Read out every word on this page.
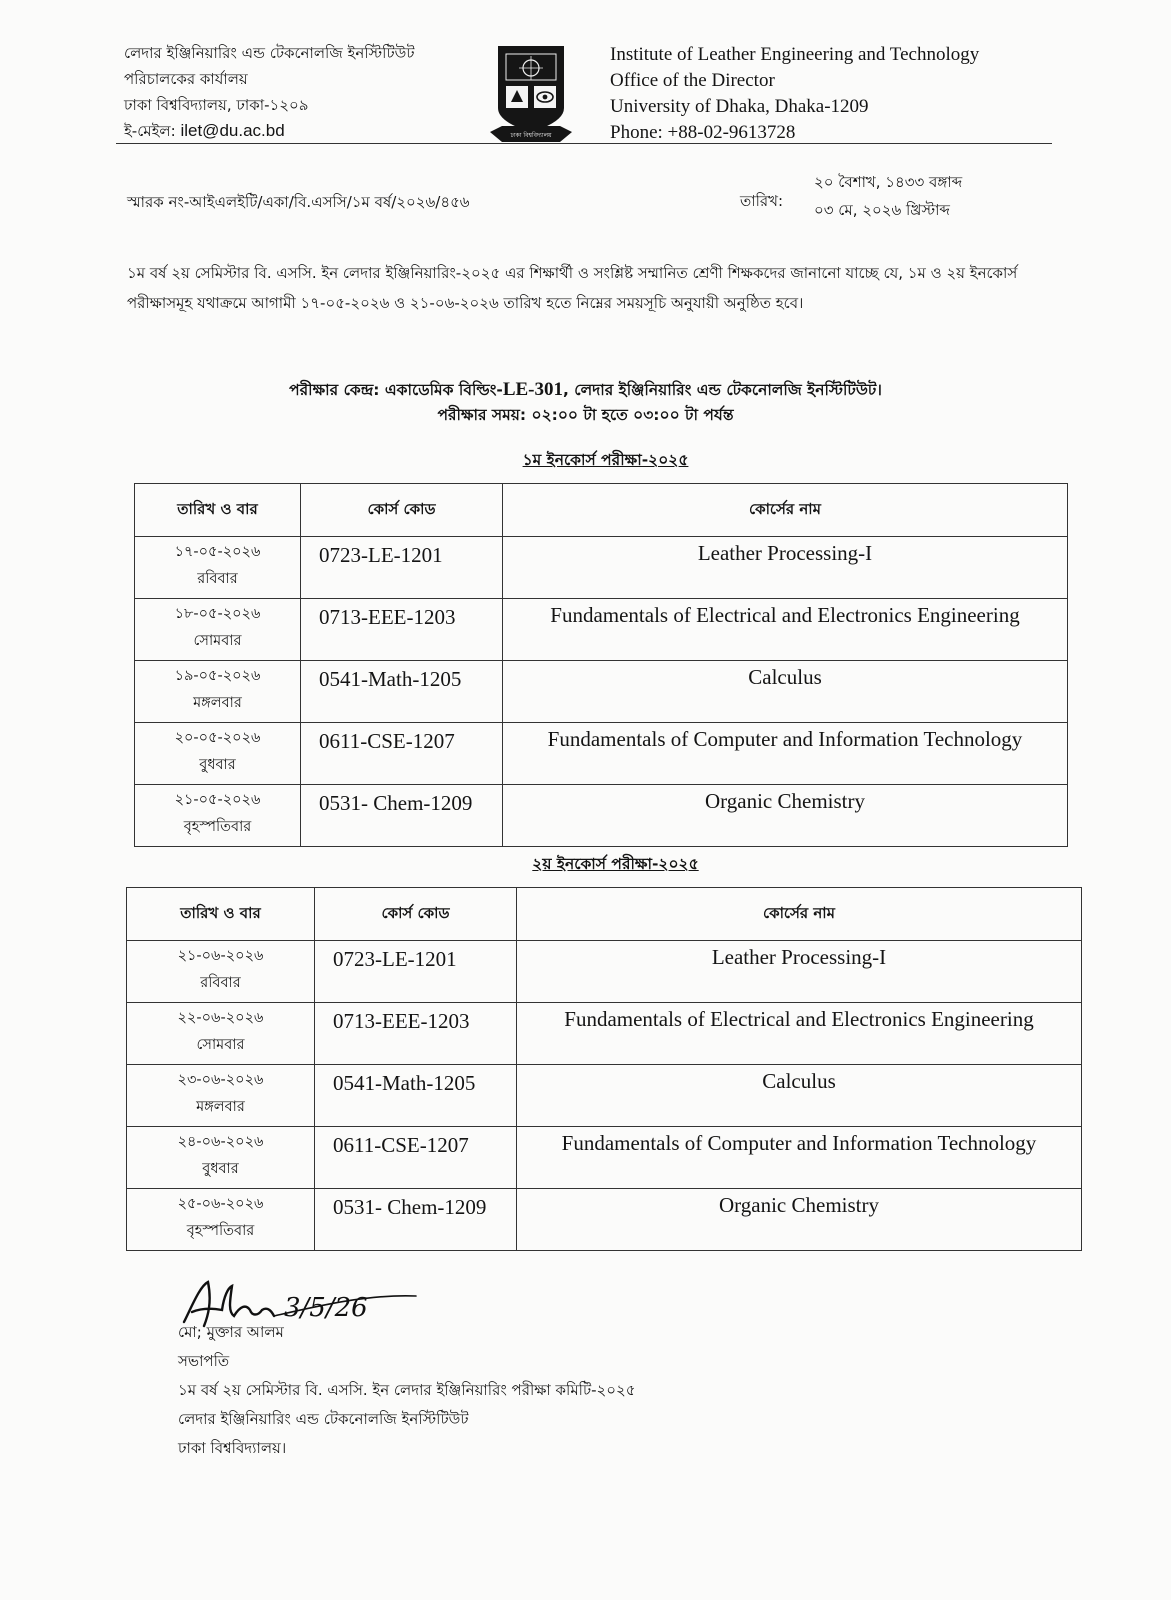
লেদার ইঞ্জিনিয়ারিং এন্ড টেকনোলজি ইনস্টিটিউট
পরিচালকের কার্যালয়
ঢাকা বিশ্ববিদ্যালয়, ঢাকা-১২০৯
ই-মেইল: ilet@du.ac.bd	ঢাকা বিশ্ববিদ্যালয়
Institute of Leather Engineering and Technology
Office of the Director
University of Dhaka, Dhaka-1209
Phone: +88-02-9613728
স্মারক নং-আইএলইটি/একা/বি.এসসি/১ম বর্ষ/২০২৬/৪৫৬	তারিখ:
২০ বৈশাখ, ১৪৩৩ বঙ্গাব্দ
০৩ মে, ২০২৬ খ্রিস্টাব্দ
১ম বর্ষ ২য় সেমিস্টার বি. এসসি. ইন লেদার ইঞ্জিনিয়ারিং-২০২৫ এর শিক্ষার্থী ও সংশ্লিষ্ট সম্মানিত শ্রেণী শিক্ষকদের জানানো যাচ্ছে যে, ১ম ও ২য় ইনকোর্স পরীক্ষাসমূহ যথাক্রমে আগামী ১৭-০৫-২০২৬ ও ২১-০৬-২০২৬ তারিখ হতে নিম্নের সময়সূচি অনুযায়ী অনুষ্ঠিত হবে।
পরীক্ষার কেন্দ্র: একাডেমিক বিল্ডিং-LE-301, লেদার ইঞ্জিনিয়ারিং এন্ড টেকনোলজি ইনস্টিটিউট।
পরীক্ষার সময়: ০২:০০ টা হতে ০৩:০০ টা পর্যন্ত
১ম ইনকোর্স পরীক্ষা-২০২৫
তারিখ ও বার	কোর্স কোড	কোর্সের নাম

১৭-০৫-২০২৬
রবিবার	0723-LE-1201	Leather Processing-I

১৮-০৫-২০২৬
সোমবার	0713-EEE-1203	Fundamentals of Electrical and Electronics Engineering

১৯-০৫-২০২৬
মঙ্গলবার	0541-Math-1205	Calculus

২০-০৫-২০২৬
বুধবার	0611-CSE-1207	Fundamentals of Computer and Information Technology

২১-০৫-২০২৬
বৃহস্পতিবার	0531- Chem-1209	Organic Chemistry
২য় ইনকোর্স পরীক্ষা-২০২৫
তারিখ ও বার	কোর্স কোড	কোর্সের নাম

২১-০৬-২০২৬
রবিবার	0723-LE-1201	Leather Processing-I

২২-০৬-২০২৬
সোমবার	0713-EEE-1203	Fundamentals of Electrical and Electronics Engineering

২৩-০৬-২০২৬
মঙ্গলবার	0541-Math-1205	Calculus

২৪-০৬-২০২৬
বুধবার	0611-CSE-1207	Fundamentals of Computer and Information Technology

২৫-০৬-২০২৬
বৃহস্পতিবার	0531- Chem-1209	Organic Chemistry
3/5/26
মো; মুক্তার আলম
সভাপতি
১ম বর্ষ ২য় সেমিস্টার বি. এসসি. ইন লেদার ইঞ্জিনিয়ারিং পরীক্ষা কমিটি-২০২৫
লেদার ইঞ্জিনিয়ারিং এন্ড টেকনোলজি ইনস্টিটিউট
ঢাকা বিশ্ববিদ্যালয়।
